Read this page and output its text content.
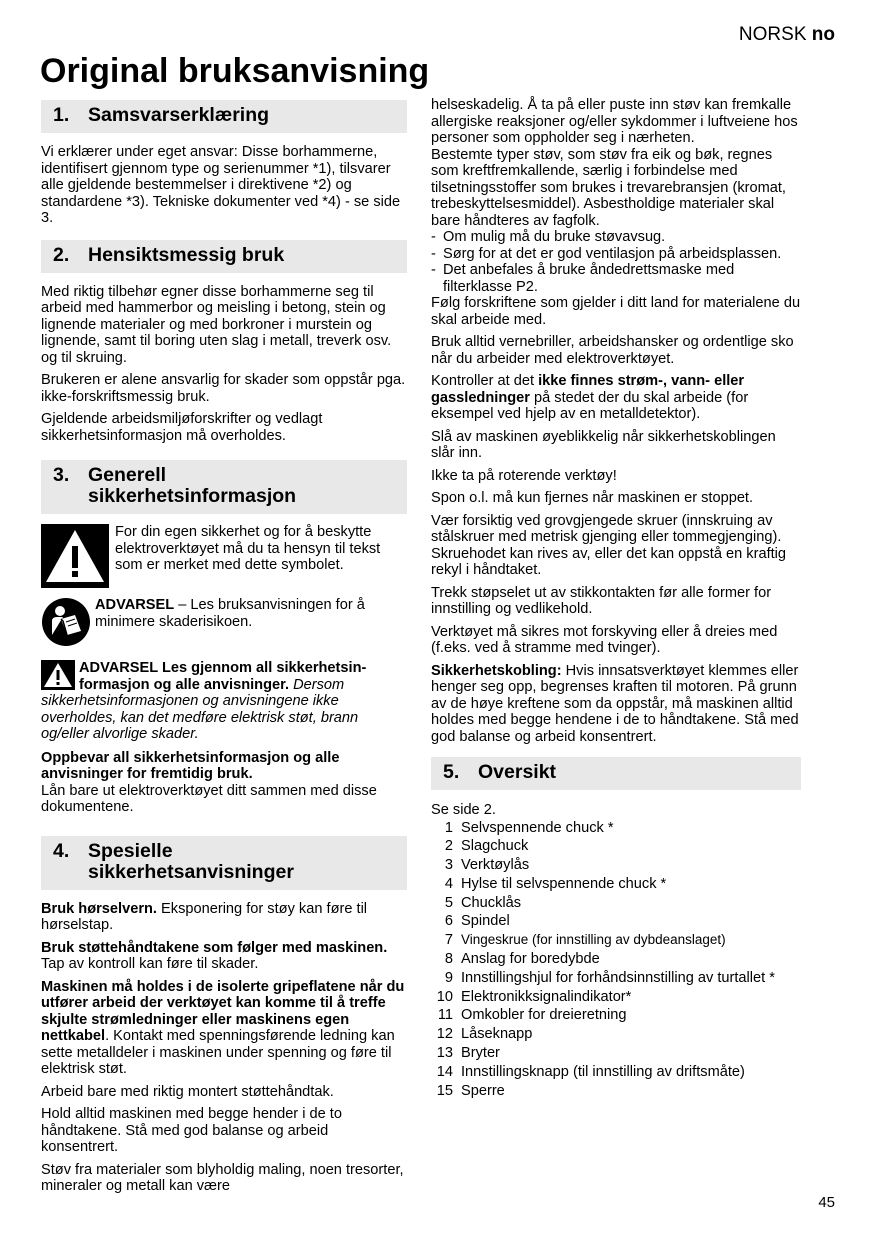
NORSK no
Original bruksanvisning
1. Samsvarserklæring

Vi erklærer under eget ansvar: Disse borhammerne, identifisert gjennom type og serienummer *1), tilsvarer alle gjeldende bestemmelser i direktivene *2) og standardene *3). Tekniske dokumenter ved *4) - se side 3.

2. Hensiktsmessig bruk

Med riktig tilbehør egner disse borhammerne seg til arbeid med hammerbor og meisling i betong, stein og lignende materialer og med borkroner i murstein og lignende, samt til boring uten slag i metall, treverk osv. og til skruing.

Brukeren er alene ansvarlig for skader som oppstår pga. ikke-forskriftsmessig bruk.

Gjeldende arbeidsmiljøforskrifter og vedlagt sikkerhetsinformasjon må overholdes.

3. Generell
sikkerhetsinformasjon

For din egen sikkerhet og for å beskytte elektroverktøyet må du ta hensyn til tekst som er merket med dette symbolet.

ADVARSEL – Les bruksanvisningen for å minimere skaderisikoen.

ADVARSEL Les gjennom all sikkerhetsin- formasjon og alle anvisninger. Dersom sikkerhetsinformasjonen og anvisningene ikke overholdes, kan det medføre elektrisk støt, brann og/eller alvorlige skader.

Oppbevar all sikkerhetsinformasjon og alle anvisninger for fremtidig bruk.
Lån bare ut elektroverktøyet ditt sammen med disse dokumentene.

4. Spesielle
sikkerhetsanvisninger

Bruk hørselvern. Eksponering for støy kan føre til hørselstap.

Bruk støttehåndtakene som følger med maskinen. Tap av kontroll kan føre til skader.

Maskinen må holdes i de isolerte gripeflatene når du utfører arbeid der verktøyet kan komme til å treffe skjulte strømledninger eller maskinens egen nettkabel. Kontakt med spenningsførende ledning kan sette metalldeler i maskinen under spenning og føre til elektrisk støt.

Arbeid bare med riktig montert støttehåndtak.

Hold alltid maskinen med begge hender i de to håndtakene. Stå med god balanse og arbeid konsentrert.

Støv fra materialer som blyholdig maling, noen tresorter, mineraler og metall kan være

helseskadelig. Å ta på eller puste inn støv kan fremkalle allergiske reaksjoner og/eller sykdommer i luftveiene hos personer som oppholder seg i nærheten.

Bestemte typer støv, som støv fra eik og bøk, regnes som kreftfremkallende, særlig i forbindelse med tilsetningsstoffer som brukes i trevarebransjen (kromat, trebeskyttelsesmiddel). Asbestholdige materialer skal bare håndteres av fagfolk.

- Om mulig må du bruke støvavsug.
- Sørg for at det er god ventilasjon på arbeidsplassen.
- Det anbefales å bruke åndedrettsmaske med filterklasse P2.

Følg forskriftene som gjelder i ditt land for materialene du skal arbeide med.

Bruk alltid vernebriller, arbeidshansker og ordentlige sko når du arbeider med elektroverktøyet.

Kontroller at det ikke finnes strøm-, vann- eller gassledninger på stedet der du skal arbeide (for eksempel ved hjelp av en metalldetektor).

Slå av maskinen øyeblikkelig når sikkerhetskoblingen slår inn.

Ikke ta på roterende verktøy!

Spon o.l. må kun fjernes når maskinen er stoppet.

Vær forsiktig ved grovgjengede skruer (innskruing av stålskruer med metrisk gjenging eller tommegjenging). Skruehodet kan rives av, eller det kan oppstå en kraftig rekyl i håndtaket.

Trekk støpselet ut av stikkontakten før alle former for innstilling og vedlikehold.

Verktøyet må sikres mot forskyving eller å dreies med (f.eks. ved å stramme med tvinger).

Sikkerhetskobling: Hvis innsatsverktøyet klemmes eller henger seg opp, begrenses kraften til motoren. På grunn av de høye kreftene som da oppstår, må maskinen alltid holdes med begge hendene i de to håndtakene. Stå med god balanse og arbeid konsentrert.

5. Oversikt

Se side 2.

1 Selvspennende chuck *
2 Slagchuck
3 Verktøylås
4 Hylse til selvspennende chuck *
5 Chucklås
6 Spindel
7 Vingeskrue (for innstilling av dybdeanslaget)
8 Anslag for boredybde
9 Innstillingshjul for forhåndsinnstilling av turtallet *
10 Elektronikksignalindikator*
11 Omkobler for dreieretning
12 Låseknapp
13 Bryter
14 Innstillingsknapp (til innstilling av driftsmåte)
15 Sperre
45
